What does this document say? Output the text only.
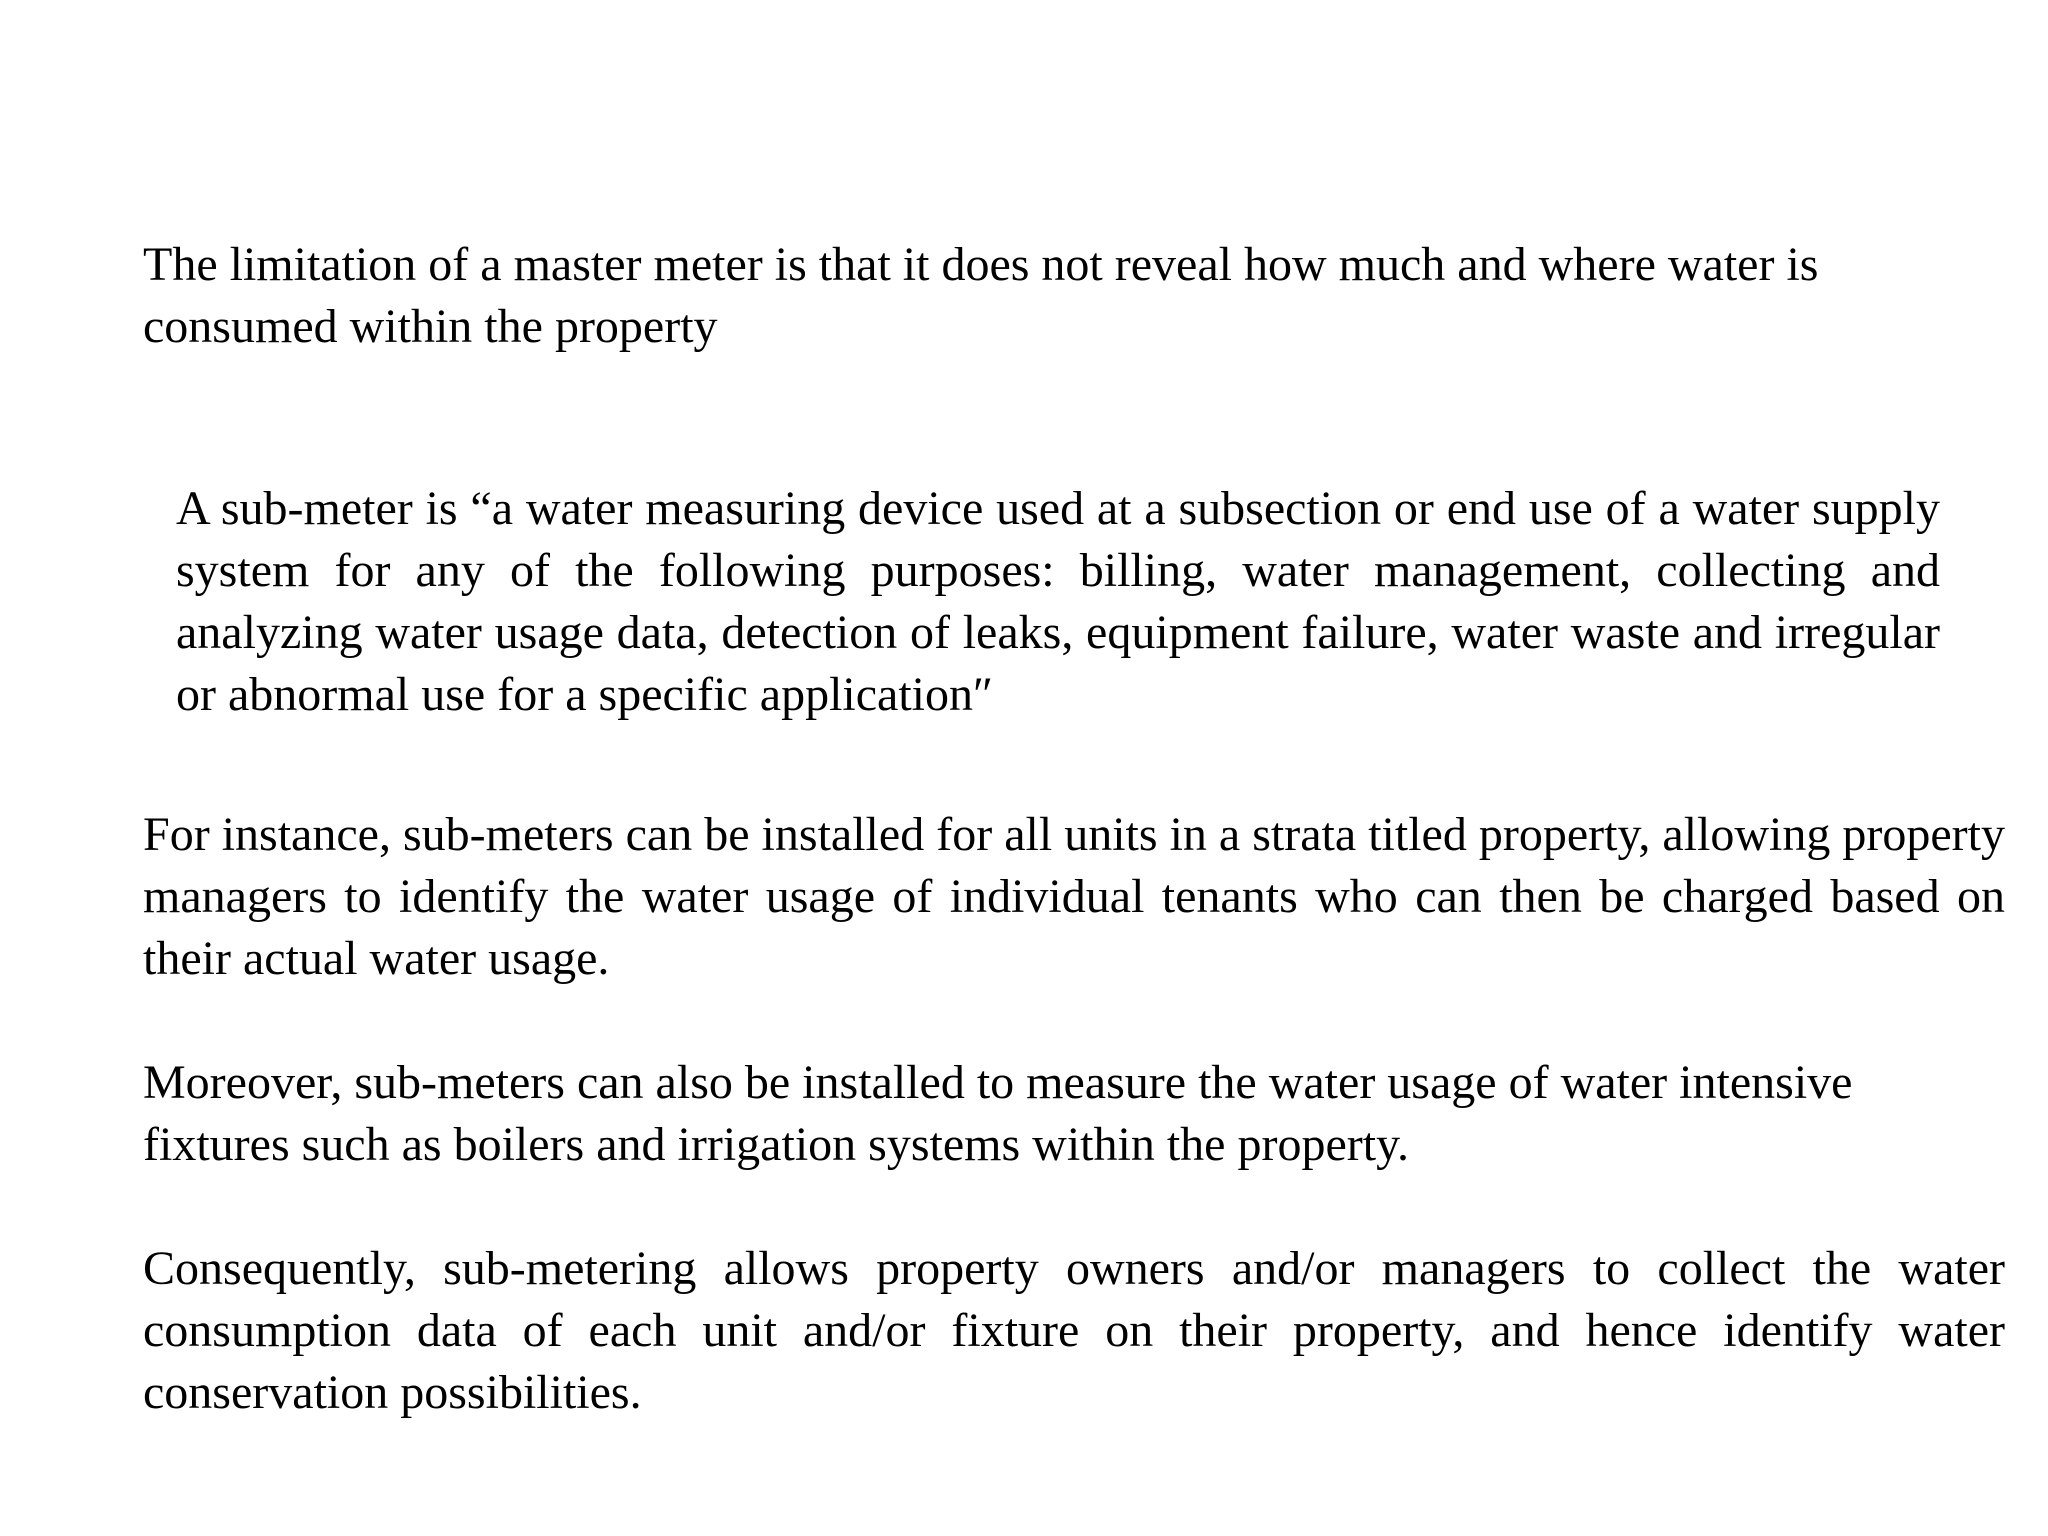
The limitation of a master meter is that it does not reveal how much and where water is consumed within the property

A sub-meter is “a water measuring device used at a subsection or end use of a water supply system for any of the following purposes: billing, water management, collecting and analyzing water usage data, detection of leaks, equipment failure, water waste and irregular or abnormal use for a specific application″

For instance, sub-meters can be installed for all units in a strata titled property, allowing property managers to identify the water usage of individual tenants who can then be charged based on their actual water usage.

Moreover, sub-meters can also be installed to measure the water usage of water intensive fixtures such as boilers and irrigation systems within the property.

Consequently, sub-metering allows property owners and/or managers to collect the water consumption data of each unit and/or fixture on their property, and hence identify water conservation possibilities.
